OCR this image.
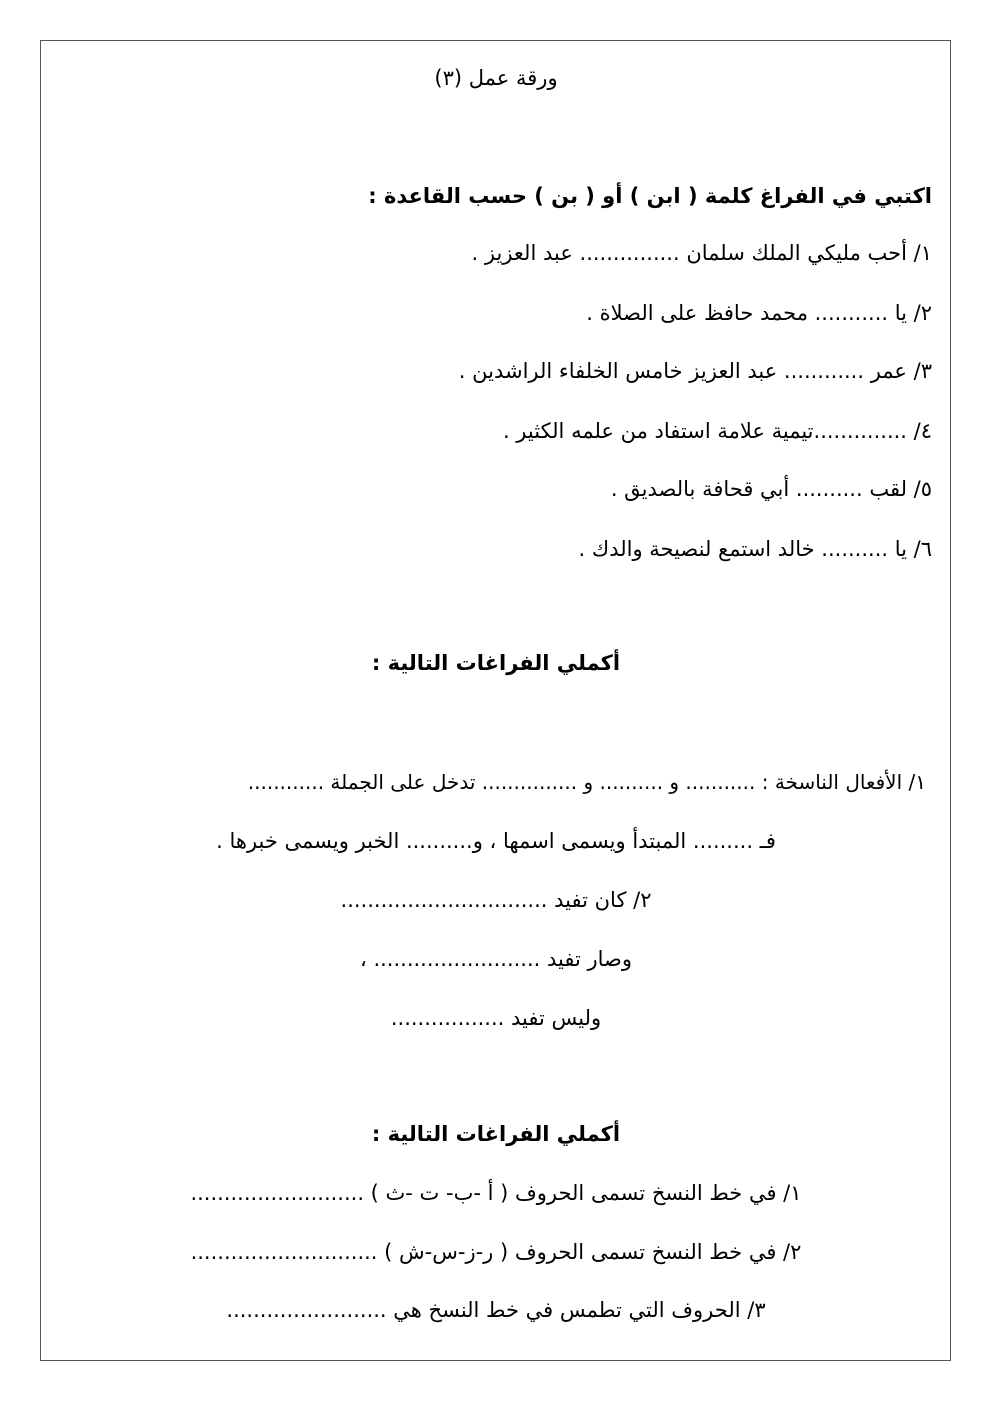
ورقة عمل (٣)

اكتبي في الفراغ كلمة ( ابن ) أو ( بن ) حسب القاعدة :

١/ أحب مليكي الملك سلمان ............... عبد العزيز .

٢/ يا ........... محمد حافظ على الصلاة .

٣/ عمر ............ عبد العزيز خامس الخلفاء الراشدين .

٤/ ..............تيمية علامة استفاد من علمه الكثير .

٥/ لقب .......... أبي قحافة بالصديق .

٦/ يا .......... خالد استمع لنصيحة والدك .

أكملي الفراغات التالية :

١/ الأفعال الناسخة : ........... و .......... و ............... تدخل على الجملة ............

فـ ......... المبتدأ ويسمى اسمها ، و.......... الخبر ويسمى خبرها .

٢/ كان تفيد ...............................

وصار تفيد ......................... ،

وليس تفيد .................

أكملي الفراغات التالية :

١/ في خط النسخ تسمى الحروف ( أ -ب- ت -ث ) ..........................

٢/ في خط النسخ تسمى الحروف ( ر-ز-س-ش ) ............................

٣/ الحروف التي تطمس في خط النسخ هي ........................
